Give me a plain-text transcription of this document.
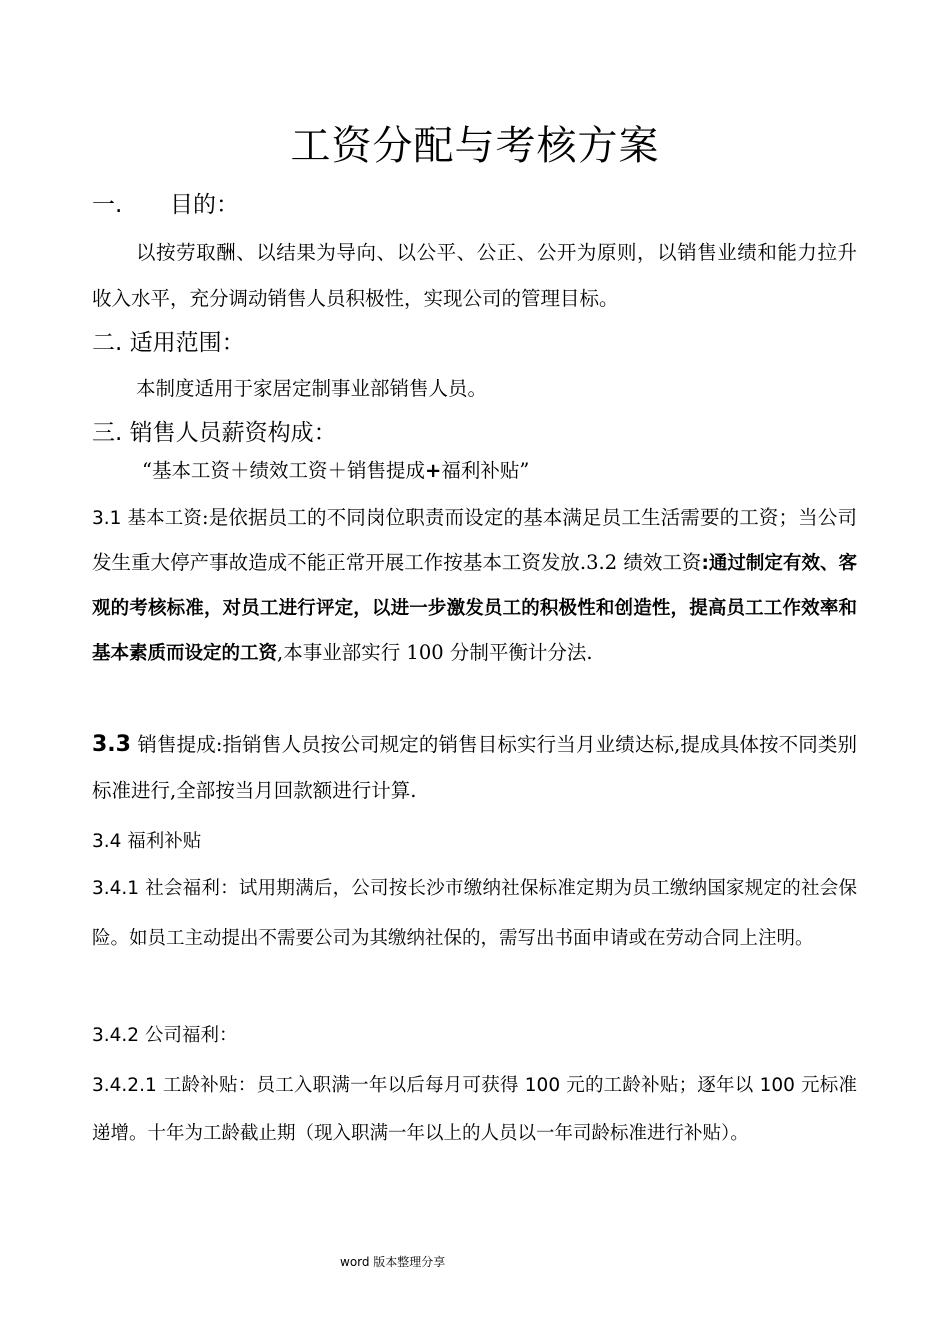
工资分配与考核方案
一. 目的：
以按劳取酬、以结果为导向、以公平、公正、公开为原则，以销售业绩和能力拉升收入水平，充分调动销售人员积极性，实现公司的管理目标。
二. 适用范围：
本制度适用于家居定制事业部销售人员。
三. 销售人员薪资构成：
“基本工资＋绩效工资＋销售提成+福利补贴”
3.1 基本工资:是依据员工的不同岗位职责而设定的基本满足员工生活需要的工资；当公司发生重大停产事故造成不能正常开展工作按基本工资发放.3.2 绩效工资:通过制定有效、客观的考核标准，对员工进行评定，以进一步激发员工的积极性和创造性，提高员工工作效率和基本素质而设定的工资,本事业部实行 100 分制平衡计分法.
3.3 销售提成:指销售人员按公司规定的销售目标实行当月业绩达标,提成具体按不同类别标准进行,全部按当月回款额进行计算.
3.4 福利补贴
3.4.1 社会福利：试用期满后，公司按长沙市缴纳社保标准定期为员工缴纳国家规定的社会保险。如员工主动提出不需要公司为其缴纳社保的，需写出书面申请或在劳动合同上注明。
3.4.2 公司福利：
3.4.2.1 工龄补贴：员工入职满一年以后每月可获得 100 元的工龄补贴；逐年以 100 元标准递增。十年为工龄截止期（现入职满一年以上的人员以一年司龄标准进行补贴）。
word 版本整理分享
